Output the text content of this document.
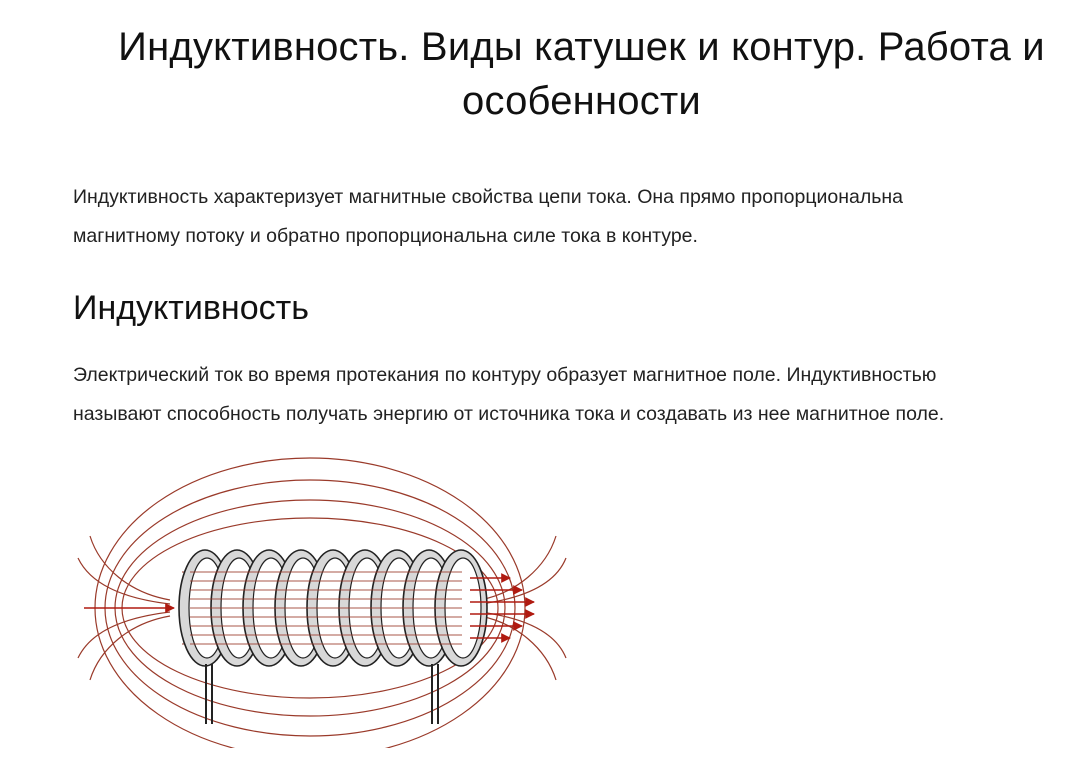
Индуктивность. Виды катушек и контур. Работа и
особенности

Индуктивность характеризует магнитные свойства цепи тока. Она прямо пропорциональна
магнитному потоку и обратно пропорциональна силе тока в контуре.

Индуктивность

Электрический ток во время протекания по контуру образует магнитное поле. Индуктивностью
называют способность получать энергию от источника тока и создавать из нее магнитное поле.
